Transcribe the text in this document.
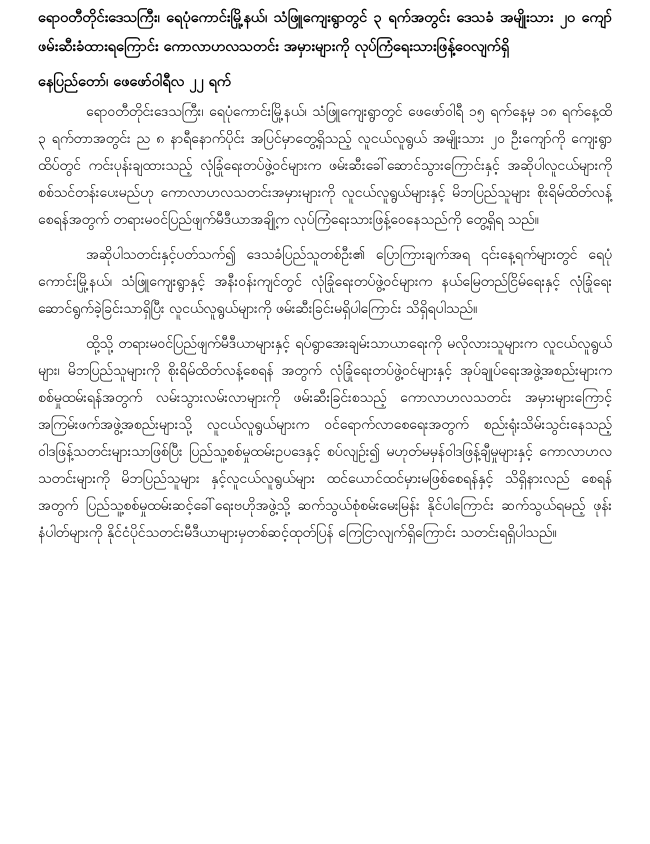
ရောဝတီတိုင်းဒေသကြီး၊ ရေပုံကောင်းမြို့နယ်၊ သံဖြူကျေးရွာတွင် ၃ ရက်အတွင်း ဒေသခံ အမျိုးသား ၂၀ ကျော်ဖမ်းဆီးခံထားရကြောင်း ကောလာဟလသတင်း အမှားများကို လုပ်ကြံရေးသားဖြန့်ဝေလျက်ရှိ
နေပြည်တော်၊ ဖေဖော်ဝါရီလ ၂၂ ရက်

ရောဝတီတိုင်းဒေသကြီး၊ ရေပုံကောင်းမြို့နယ်၊ သံဖြူကျေးရွာတွင် ဖေဖော်ဝါရီ ၁၅ ရက်နေ့မှ ၁၈ ရက်နေ့ထိ ၃ ရက်တာအတွင်း ည ၈ နာရီနောက်ပိုင်း အပြင်မှာတွေ့ရှိသည့် လူငယ်လူရွယ် အမျိုးသား ၂၀ ဦးကျော်ကို ကျေးရွာထိပ်တွင် ကင်းပုန်းချထားသည့် လုံခြုံရေးတပ်ဖွဲ့ဝင်များက ဖမ်းဆီးခေါ်ဆောင်သွားကြောင်းနှင့် အဆိုပါလူငယ်များကို စစ်သင်တန်းပေးမည်ဟု ကောလာဟလသတင်းအမှားများကို လူငယ်လူရွယ်များနှင့် မိဘပြည်သူများ စိုးရိမ်ထိတ်လန့်စေရန်အတွက် တရားမဝင်ပြည်ဖျက်မီဒီယာအချို့က လုပ်ကြံရေးသားဖြန့်ဝေနေသည်ကို တွေ့ရှိရ သည်။

အဆိုပါသတင်းနှင့်ပတ်သက်၍ ဒေသခံပြည်သူတစ်ဦး၏ ပြောကြားချက်အရ ၎င်းနေ့ရက်များတွင် ရေပုံကောင်းမြို့နယ်၊ သံဖြူကျေးရွာနှင့် အနီးဝန်းကျင်တွင် လုံခြုံရေးတပ်ဖွဲ့ဝင်များက နယ်မြေတည်ငြိမ်ရေးနှင့် လုံခြုံရေးဆောင်ရွက်ခဲ့ခြင်းသာရှိပြီး လူငယ်လူရွယ်များကို ဖမ်းဆီးခြင်းမရှိပါကြောင်း သိရှိရပါသည်။

ထို့သို့ တရားမဝင်ပြည်ဖျက်မီဒီယာများနှင့် ရပ်ရွာအေးချမ်းသာယာရေးကို မလိုလားသူများက လူငယ်လူရွယ်များ၊ မိဘပြည်သူများကို စိုးရိမ်ထိတ်လန့်စေရန် အတွက် လုံခြုံရေးတပ်ဖွဲ့ဝင်များနှင့် အုပ်ချုပ်ရေးအဖွဲ့အစည်းများက စစ်မှုထမ်းရန်အတွက် လမ်းသွားလမ်းလာများကို ဖမ်းဆီးခြင်းစသည့် ကောလာဟလသတင်း အမှားများကြောင့် အကြမ်းဖက်အဖွဲ့အစည်းများသို့ လူငယ်လူရွယ်များက ဝင်ရောက်လာစေရေးအတွက် စည်းရုံးသိမ်းသွင်းနေသည့် ဝါဒဖြန့်သတင်းများသာဖြစ်ပြီး ပြည်သူ့စစ်မှုထမ်းဥပဒေနှင့် စပ်လျဉ်း၍ မဟုတ်မမှန်ဝါဒဖြန့်ချီမှုများနှင့် ကောလာဟလသတင်းများကို မိဘပြည်သူများ နှင့်လူငယ်လူရွယ်များ ထင်ယောင်ထင်မှားမဖြစ်စေရန်နှင့် သိရှိနားလည် စေရန်အတွက် ပြည်သူ့စစ်မှုထမ်းဆင့်ခေါ်ရေးဗဟိုအဖွဲ့သို့ ဆက်သွယ်စုံစမ်းမေးမြန်း နိုင်ပါကြောင်း ဆက်သွယ်ရမည့် ဖုန်းနံပါတ်များကို နိုင်ငံပိုင်သတင်းမီဒီယာများမှတစ်ဆင့်ထုတ်ပြန် ကြေငြာလျက်ရှိကြောင်း သတင်းရရှိပါသည်။
